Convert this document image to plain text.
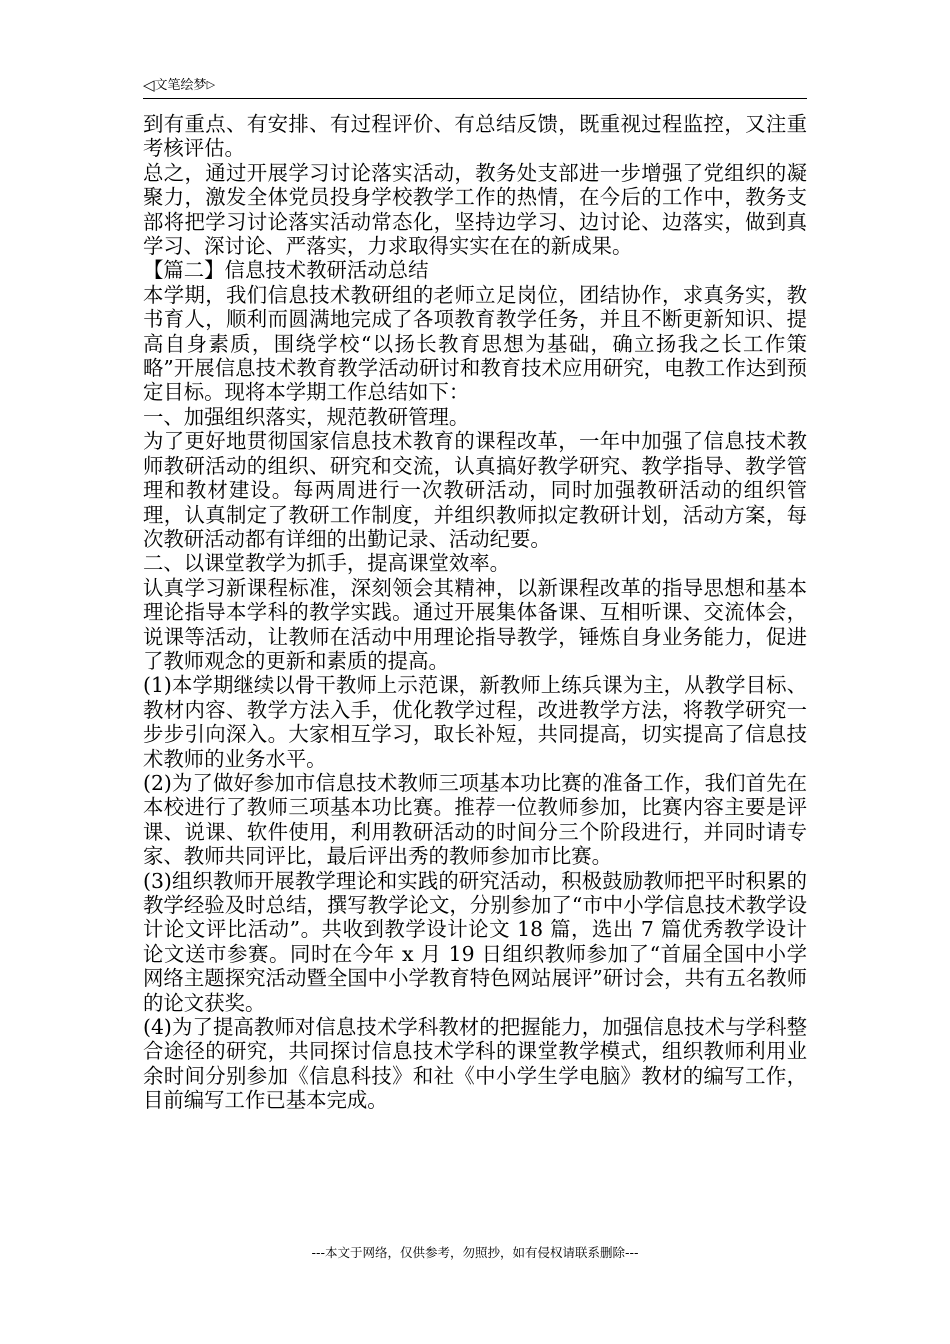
◁文笔绘梦▷

到有重点、有安排、有过程评价、有总结反馈，既重视过程监控，又注重考核评估。

总之，通过开展学习讨论落实活动，教务处支部进一步增强了党组织的凝聚力，激发全体党员投身学校教学工作的热情，在今后的工作中，教务支部将把学习讨论落实活动常态化，坚持边学习、边讨论、边落实，做到真学习、深讨论、严落实，力求取得实实在在的新成果。

【篇二】信息技术教研活动总结

本学期，我们信息技术教研组的老师立足岗位，团结协作，求真务实，教书育人，顺利而圆满地完成了各项教育教学任务，并且不断更新知识、提高自身素质，围绕学校“以扬长教育思想为基础，确立扬我之长工作策略”开展信息技术教育教学活动研讨和教育技术应用研究，电教工作达到预定目标。现将本学期工作总结如下：

一、加强组织落实，规范教研管理。

为了更好地贯彻国家信息技术教育的课程改革，一年中加强了信息技术教师教研活动的组织、研究和交流，认真搞好教学研究、教学指导、教学管理和教材建设。每两周进行一次教研活动，同时加强教研活动的组织管理，认真制定了教研工作制度，并组织教师拟定教研计划，活动方案，每次教研活动都有详细的出勤记录、活动纪要。

二、以课堂教学为抓手，提高课堂效率。

认真学习新课程标准，深刻领会其精神，以新课程改革的指导思想和基本理论指导本学科的教学实践。通过开展集体备课、互相听课、交流体会，说课等活动，让教师在活动中用理论指导教学，锤炼自身业务能力，促进了教师观念的更新和素质的提高。

(1)本学期继续以骨干教师上示范课，新教师上练兵课为主，从教学目标、教材内容、教学方法入手，优化教学过程，改进教学方法，将教学研究一步步引向深入。大家相互学习，取长补短，共同提高，切实提高了信息技术教师的业务水平。

(2)为了做好参加市信息技术教师三项基本功比赛的准备工作，我们首先在本校进行了教师三项基本功比赛。推荐一位教师参加，比赛内容主要是评课、说课、软件使用，利用教研活动的时间分三个阶段进行，并同时请专家、教师共同评比，最后评出秀的教师参加市比赛。

(3)组织教师开展教学理论和实践的研究活动，积极鼓励教师把平时积累的教学经验及时总结，撰写教学论文，分别参加了“市中小学信息技术教学设计论文评比活动”。共收到教学设计论文 18 篇，选出 7 篇优秀教学设计论文送市参赛。同时在今年 x 月 19 日组织教师参加了“首届全国中小学网络主题探究活动暨全国中小学教育特色网站展评”研讨会，共有五名教师的论文获奖。

(4)为了提高教师对信息技术学科教材的把握能力，加强信息技术与学科整合途径的研究，共同探讨信息技术学科的课堂教学模式，组织教师利用业余时间分别参加《信息科技》和社《中小学生学电脑》教材的编写工作，目前编写工作已基本完成。

---本文于网络，仅供参考，勿照抄，如有侵权请联系删除---
